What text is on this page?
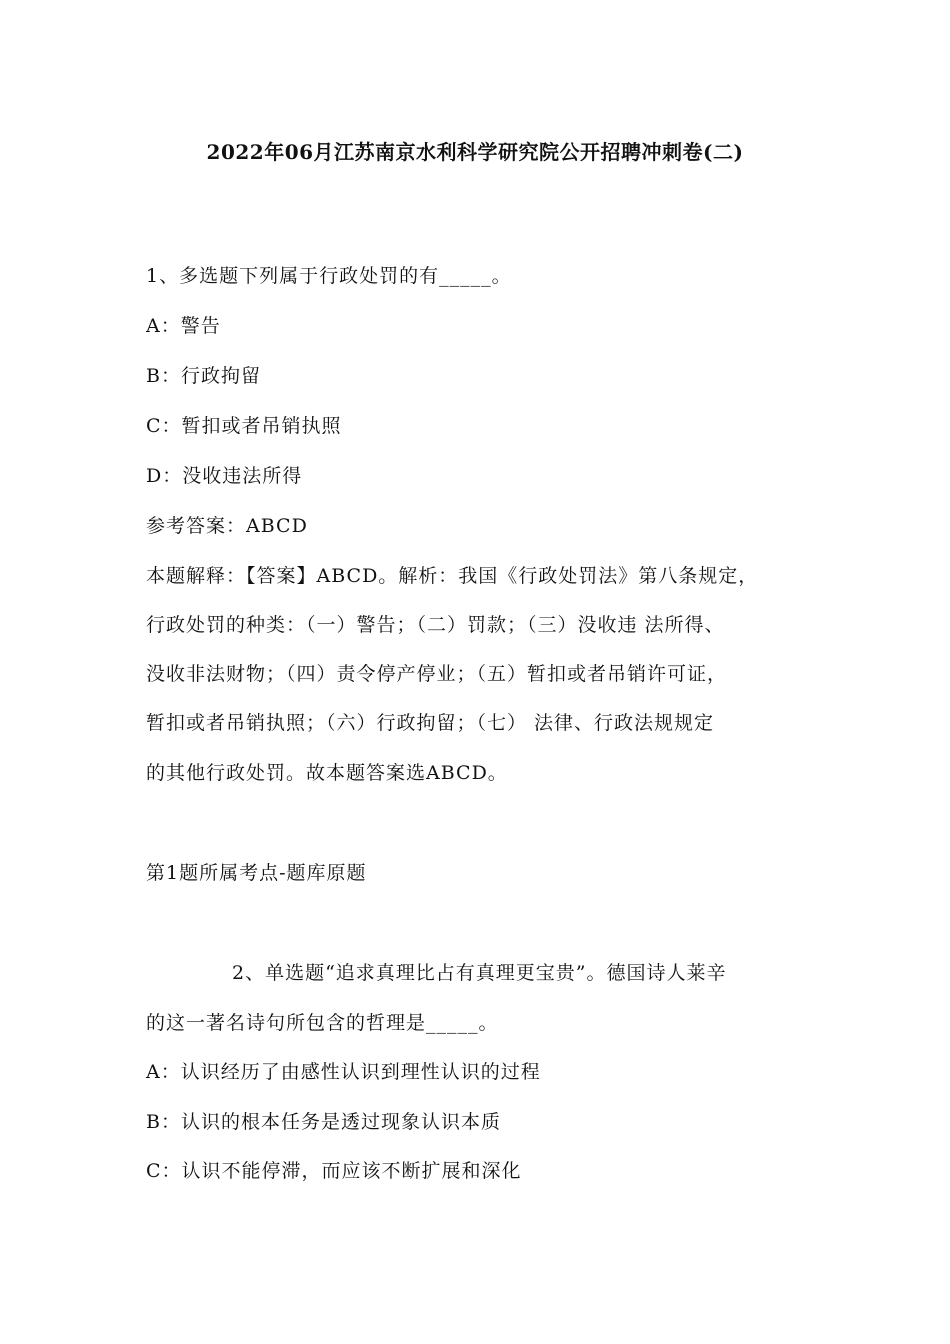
2022年06月江苏南京水利科学研究院公开招聘冲刺卷(二)
1、多选题下列属于行政处罚的有_____。
A：警告
B：行政拘留
C：暂扣或者吊销执照
D：没收违法所得
参考答案：ABCD
本题解释：【答案】ABCD。解析：我国《行政处罚法》第八条规定，
行政处罚的种类：（一）警告；（二）罚款；（三）没收违 法所得、
没收非法财物；（四）责令停产停业；（五）暂扣或者吊销许可证，
暂扣或者吊销执照；（六）行政拘留；（七） 法律、行政法规规定
的其他行政处罚。故本题答案选ABCD。
第1题所属考点-题库原题
2、单选题“追求真理比占有真理更宝贵”。德国诗人莱辛
的这一著名诗句所包含的哲理是_____。
A：认识经历了由感性认识到理性认识的过程
B：认识的根本任务是透过现象认识本质
C：认识不能停滞，而应该不断扩展和深化
